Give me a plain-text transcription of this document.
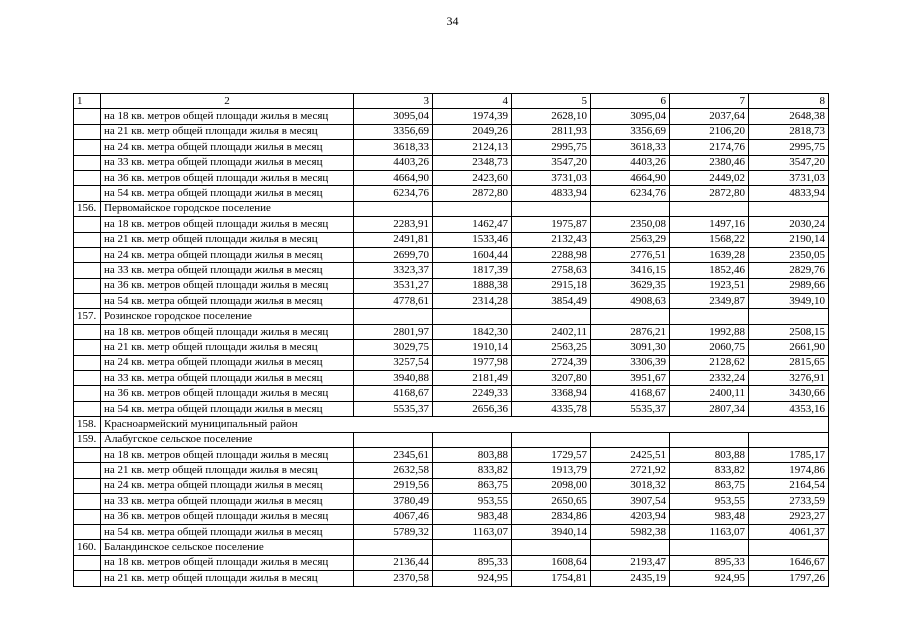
34
1	2	3	4	5	6	7	8
	на 18 кв. метров общей площади жилья в месяц	3095,04	1974,39	2628,10	3095,04	2037,64	2648,38
	на 21 кв. метр общей площади жилья в месяц	3356,69	2049,26	2811,93	3356,69	2106,20	2818,73
	на 24 кв. метра общей площади жилья в месяц	3618,33	2124,13	2995,75	3618,33	2174,76	2995,75
	на 33 кв. метра общей площади жилья в месяц	4403,26	2348,73	3547,20	4403,26	2380,46	3547,20
	на 36 кв. метров общей площади жилья в месяц	4664,90	2423,60	3731,03	4664,90	2449,02	3731,03
	на 54 кв. метра общей площади жилья в месяц	6234,76	2872,80	4833,94	6234,76	2872,80	4833,94
156.	Первомайское городское поселение						
	на 18 кв. метров общей площади жилья в месяц	2283,91	1462,47	1975,87	2350,08	1497,16	2030,24
	на 21 кв. метр общей площади жилья в месяц	2491,81	1533,46	2132,43	2563,29	1568,22	2190,14
	на 24 кв. метра общей площади жилья в месяц	2699,70	1604,44	2288,98	2776,51	1639,28	2350,05
	на 33 кв. метра общей площади жилья в месяц	3323,37	1817,39	2758,63	3416,15	1852,46	2829,76
	на 36 кв. метров общей площади жилья в месяц	3531,27	1888,38	2915,18	3629,35	1923,51	2989,66
	на 54 кв. метра общей площади жилья в месяц	4778,61	2314,28	3854,49	4908,63	2349,87	3949,10
157.	Розинское городское поселение						
	на 18 кв. метров общей площади жилья в месяц	2801,97	1842,30	2402,11	2876,21	1992,88	2508,15
	на 21 кв. метр общей площади жилья в месяц	3029,75	1910,14	2563,25	3091,30	2060,75	2661,90
	на 24 кв. метра общей площади жилья в месяц	3257,54	1977,98	2724,39	3306,39	2128,62	2815,65
	на 33 кв. метра общей площади жилья в месяц	3940,88	2181,49	3207,80	3951,67	2332,24	3276,91
	на 36 кв. метров общей площади жилья в месяц	4168,67	2249,33	3368,94	4168,67	2400,11	3430,66
	на 54 кв. метра общей площади жилья в месяц	5535,37	2656,36	4335,78	5535,37	2807,34	4353,16
158.	Красноармейский муниципальный район						
159.	Алабугское сельское поселение						
	на 18 кв. метров общей площади жилья в месяц	2345,61	803,88	1729,57	2425,51	803,88	1785,17
	на 21 кв. метр общей площади жилья в месяц	2632,58	833,82	1913,79	2721,92	833,82	1974,86
	на 24 кв. метра общей площади жилья в месяц	2919,56	863,75	2098,00	3018,32	863,75	2164,54
	на 33 кв. метра общей площади жилья в месяц	3780,49	953,55	2650,65	3907,54	953,55	2733,59
	на 36 кв. метров общей площади жилья в месяц	4067,46	983,48	2834,86	4203,94	983,48	2923,27
	на 54 кв. метра общей площади жилья в месяц	5789,32	1163,07	3940,14	5982,38	1163,07	4061,37
160.	Баландинское сельское поселение						
	на 18 кв. метров общей площади жилья в месяц	2136,44	895,33	1608,64	2193,47	895,33	1646,67
	на 21 кв. метр общей площади жилья в месяц	2370,58	924,95	1754,81	2435,19	924,95	1797,26
